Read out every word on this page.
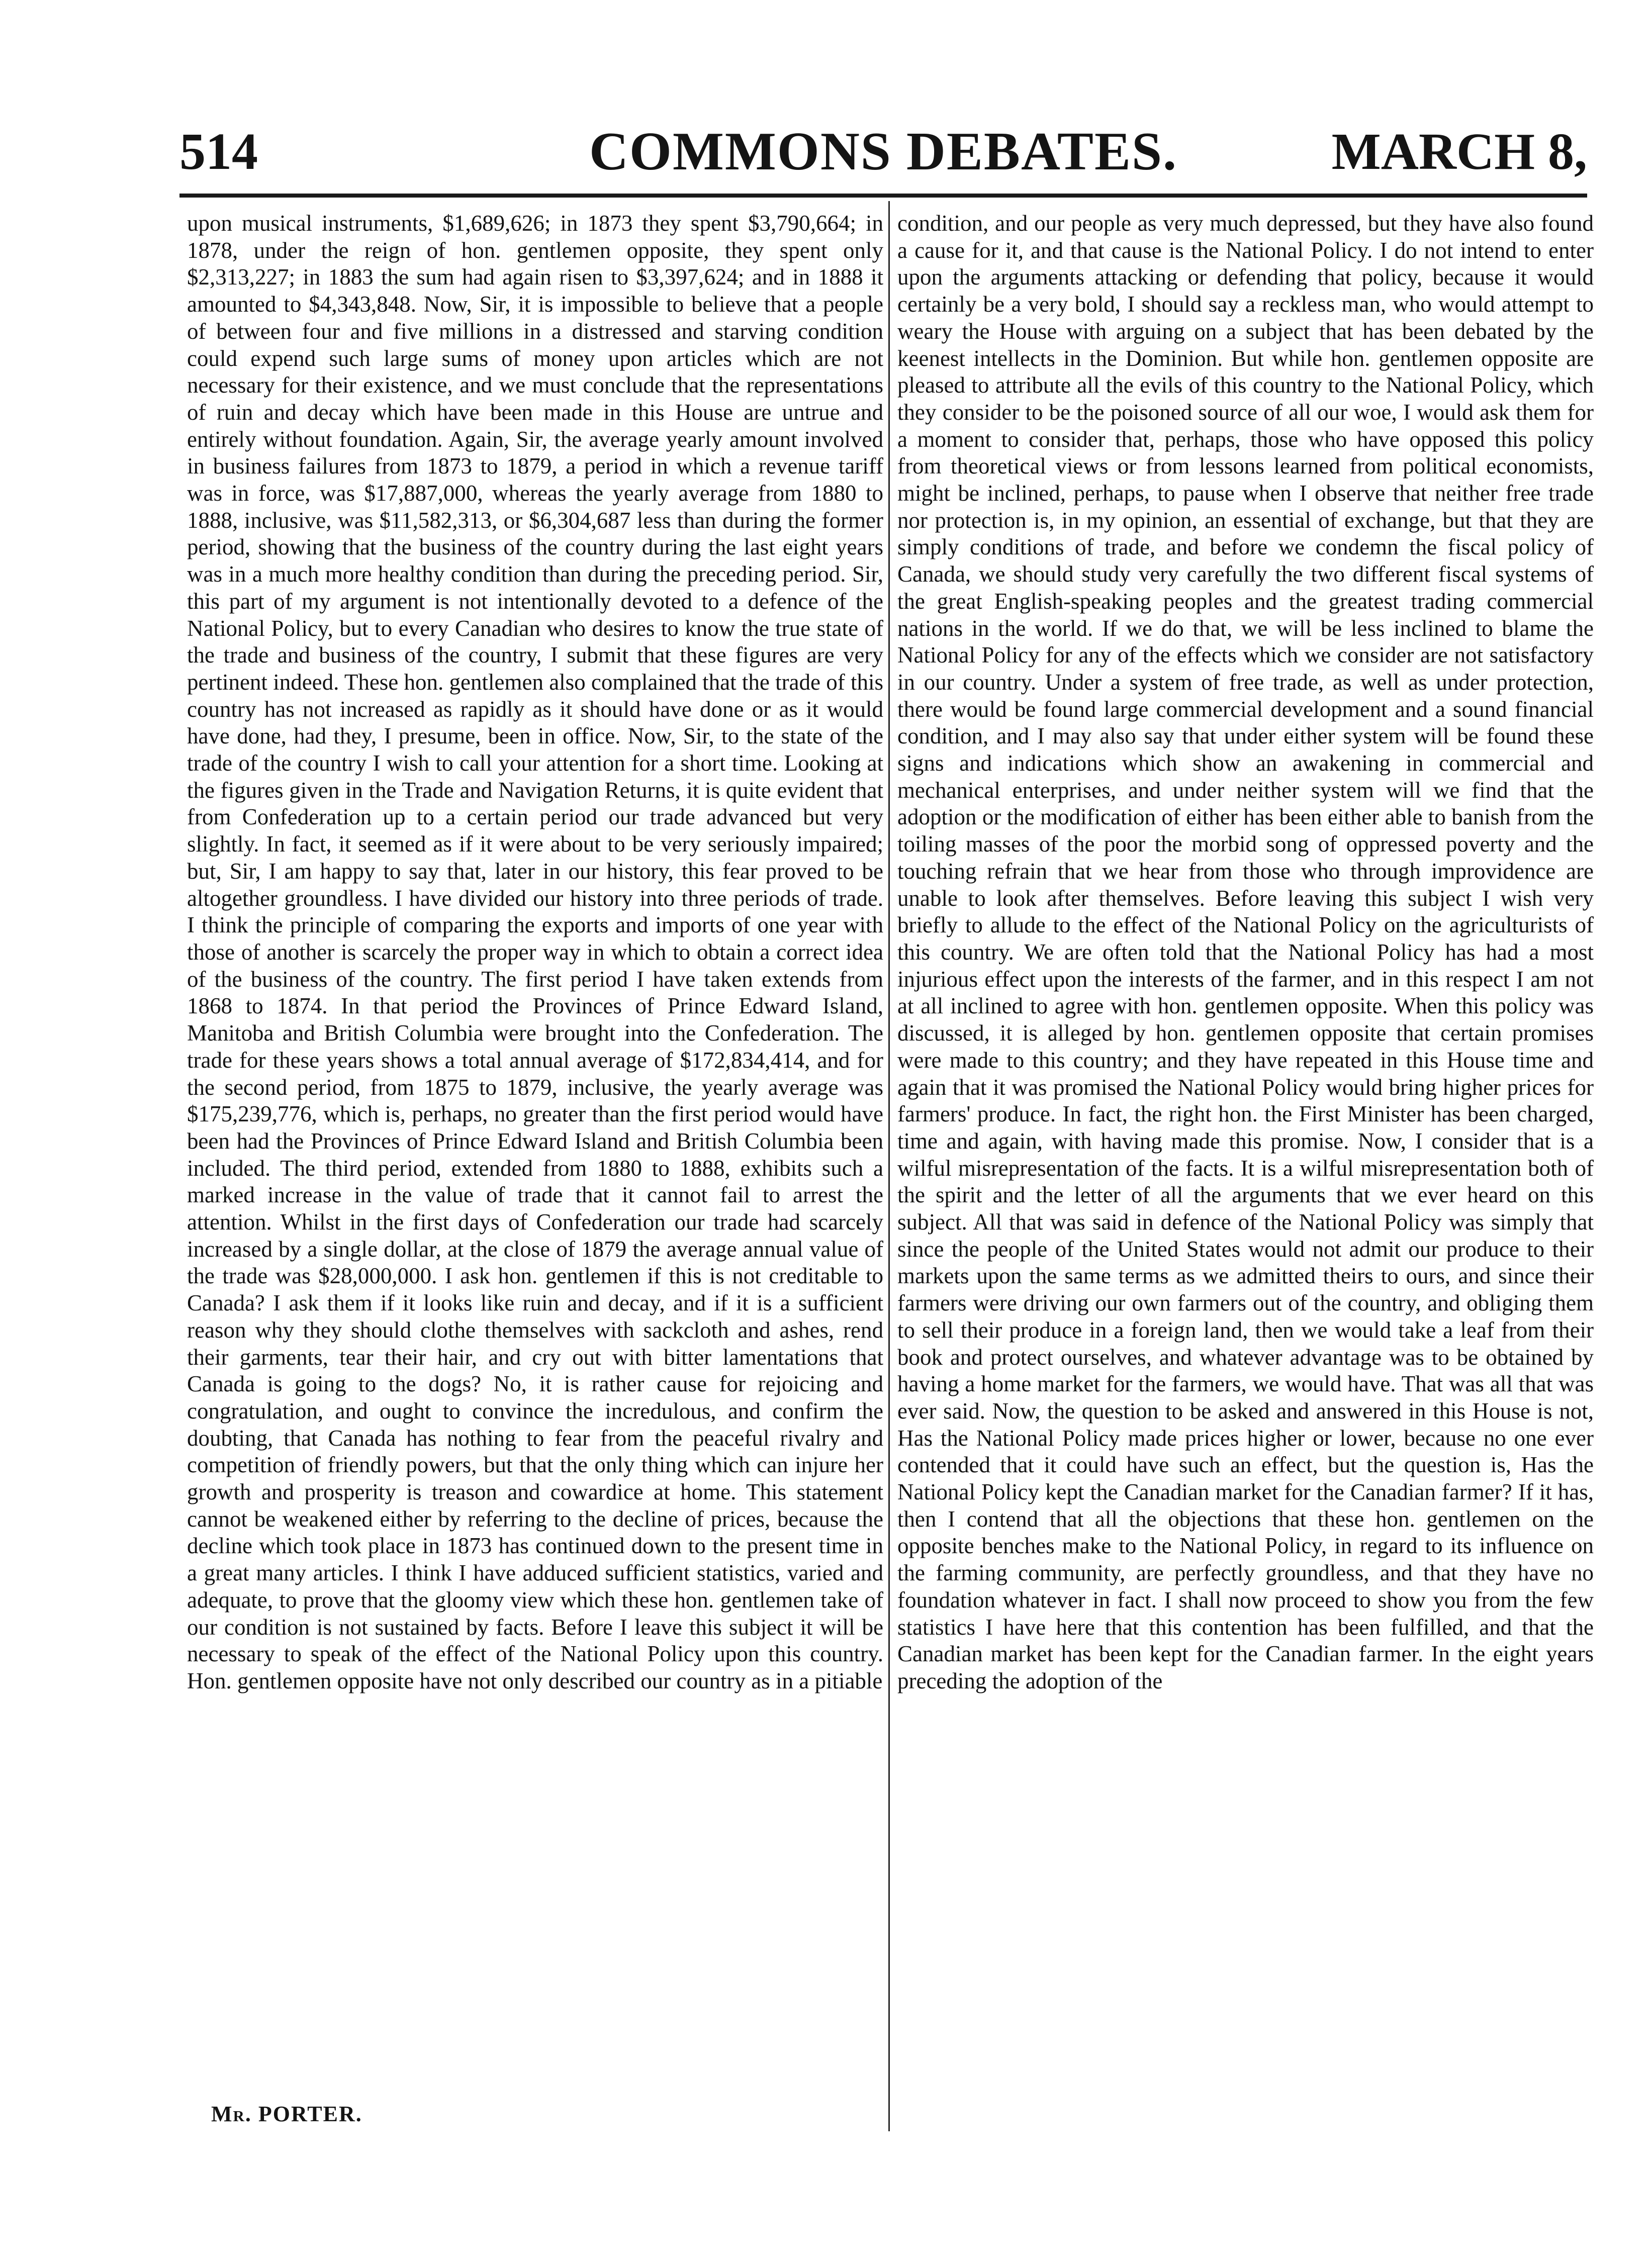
514	COMMONS DEBATES.	MARCH 8,

upon musical instruments, $1,689,626; in 1873 they spent $3,790,664; in 1878, under the reign of hon. gentlemen opposite, they spent only $2,313,227; in 1883 the sum had again risen to $3,397,624; and in 1888 it amounted to $4,343,848. Now, Sir, it is impossible to believe that a people of between four and five millions in a distressed and starving condition could expend such large sums of money upon articles which are not necessary for their existence, and we must conclude that the representations of ruin and decay which have been made in this House are untrue and entirely without foundation. Again, Sir, the average yearly amount involved in business failures from 1873 to 1879, a period in which a revenue tariff was in force, was $17,887,000, whereas the yearly average from 1880 to 1888, inclusive, was $11,582,313, or $6,304,687 less than during the former period, showing that the business of the country during the last eight years was in a much more healthy condition than during the preceding period. Sir, this part of my argument is not intentionally devoted to a defence of the National Policy, but to every Canadian who desires to know the true state of the trade and business of the country, I submit that these figures are very pertinent indeed. These hon. gentlemen also complained that the trade of this country has not increased as rapidly as it should have done or as it would have done, had they, I presume, been in office. Now, Sir, to the state of the trade of the country I wish to call your attention for a short time. Looking at the figures given in the Trade and Navigation Returns, it is quite evident that from Confederation up to a certain period our trade advanced but very slightly. In fact, it seemed as if it were about to be very seriously impaired; but, Sir, I am happy to say that, later in our history, this fear proved to be altogether groundless. I have divided our history into three periods of trade. I think the principle of comparing the exports and imports of one year with those of another is scarcely the proper way in which to obtain a correct idea of the business of the country. The first period I have taken extends from 1868 to 1874. In that period the Provinces of Prince Edward Island, Manitoba and British Columbia were brought into the Confederation. The trade for these years shows a total annual average of $172,834,414, and for the second period, from 1875 to 1879, inclusive, the yearly average was $175,239,776, which is, perhaps, no greater than the first period would have been had the Provinces of Prince Edward Island and British Columbia been included. The third period, extended from 1880 to 1888, exhibits such a marked increase in the value of trade that it cannot fail to arrest the attention. Whilst in the first days of Confederation our trade had scarcely increased by a single dollar, at the close of 1879 the average annual value of the trade was $28,000,000. I ask hon. gentlemen if this is not creditable to Canada? I ask them if it looks like ruin and decay, and if it is a sufficient reason why they should clothe themselves with sackcloth and ashes, rend their garments, tear their hair, and cry out with bitter lamentations that Canada is going to the dogs? No, it is rather cause for rejoicing and congratulation, and ought to convince the incredulous, and confirm the doubting, that Canada has nothing to fear from the peaceful rivalry and competition of friendly powers, but that the only thing which can injure her growth and prosperity is treason and cowardice at home. This statement cannot be weakened either by referring to the decline of prices, because the decline which took place in 1873 has continued down to the present time in a great many articles. I think I have adduced sufficient statistics, varied and adequate, to prove that the gloomy view which these hon. gentlemen take of our condition is not sustained by facts. Before I leave this subject it will be necessary to speak of the effect of the National Policy upon this country. Hon. gentlemen opposite have not only described our country as in a pitiable

condition, and our people as very much depressed, but they have also found a cause for it, and that cause is the National Policy. I do not intend to enter upon the arguments attacking or defending that policy, because it would certainly be a very bold, I should say a reckless man, who would attempt to weary the House with arguing on a subject that has been debated by the keenest intellects in the Dominion. But while hon. gentlemen opposite are pleased to attribute all the evils of this country to the National Policy, which they consider to be the poisoned source of all our woe, I would ask them for a moment to consider that, perhaps, those who have opposed this policy from theoretical views or from lessons learned from political economists, might be inclined, perhaps, to pause when I observe that neither free trade nor protection is, in my opinion, an essential of exchange, but that they are simply conditions of trade, and before we condemn the fiscal policy of Canada, we should study very carefully the two different fiscal systems of the great English-speaking peoples and the greatest trading commercial nations in the world. If we do that, we will be less inclined to blame the National Policy for any of the effects which we consider are not satisfactory in our country. Under a system of free trade, as well as under protection, there would be found large commercial development and a sound financial condition, and I may also say that under either system will be found these signs and indications which show an awakening in commercial and mechanical enterprises, and under neither system will we find that the adoption or the modification of either has been either able to banish from the toiling masses of the poor the morbid song of oppressed poverty and the touching refrain that we hear from those who through improvidence are unable to look after themselves. Before leaving this subject I wish very briefly to allude to the effect of the National Policy on the agriculturists of this country. We are often told that the National Policy has had a most injurious effect upon the interests of the farmer, and in this respect I am not at all inclined to agree with hon. gentlemen opposite. When this policy was discussed, it is alleged by hon. gentlemen opposite that certain promises were made to this country; and they have repeated in this House time and again that it was promised the National Policy would bring higher prices for farmers' produce. In fact, the right hon. the First Minister has been charged, time and again, with having made this promise. Now, I consider that is a wilful misrepresentation of the facts. It is a wilful misrepresentation both of the spirit and the letter of all the arguments that we ever heard on this subject. All that was said in defence of the National Policy was simply that since the people of the United States would not admit our produce to their markets upon the same terms as we admitted theirs to ours, and since their farmers were driving our own farmers out of the country, and obliging them to sell their produce in a foreign land, then we would take a leaf from their book and protect ourselves, and whatever advantage was to be obtained by having a home market for the farmers, we would have. That was all that was ever said. Now, the question to be asked and answered in this House is not, Has the National Policy made prices higher or lower, because no one ever contended that it could have such an effect, but the question is, Has the National Policy kept the Canadian market for the Canadian farmer? If it has, then I contend that all the objections that these hon. gentlemen on the opposite benches make to the National Policy, in regard to its influence on the farming community, are perfectly groundless, and that they have no foundation whatever in fact. I shall now proceed to show you from the few statistics I have here that this contention has been fulfilled, and that the Canadian market has been kept for the Canadian farmer. In the eight years preceding the adoption of the

Mr. PORTER.
